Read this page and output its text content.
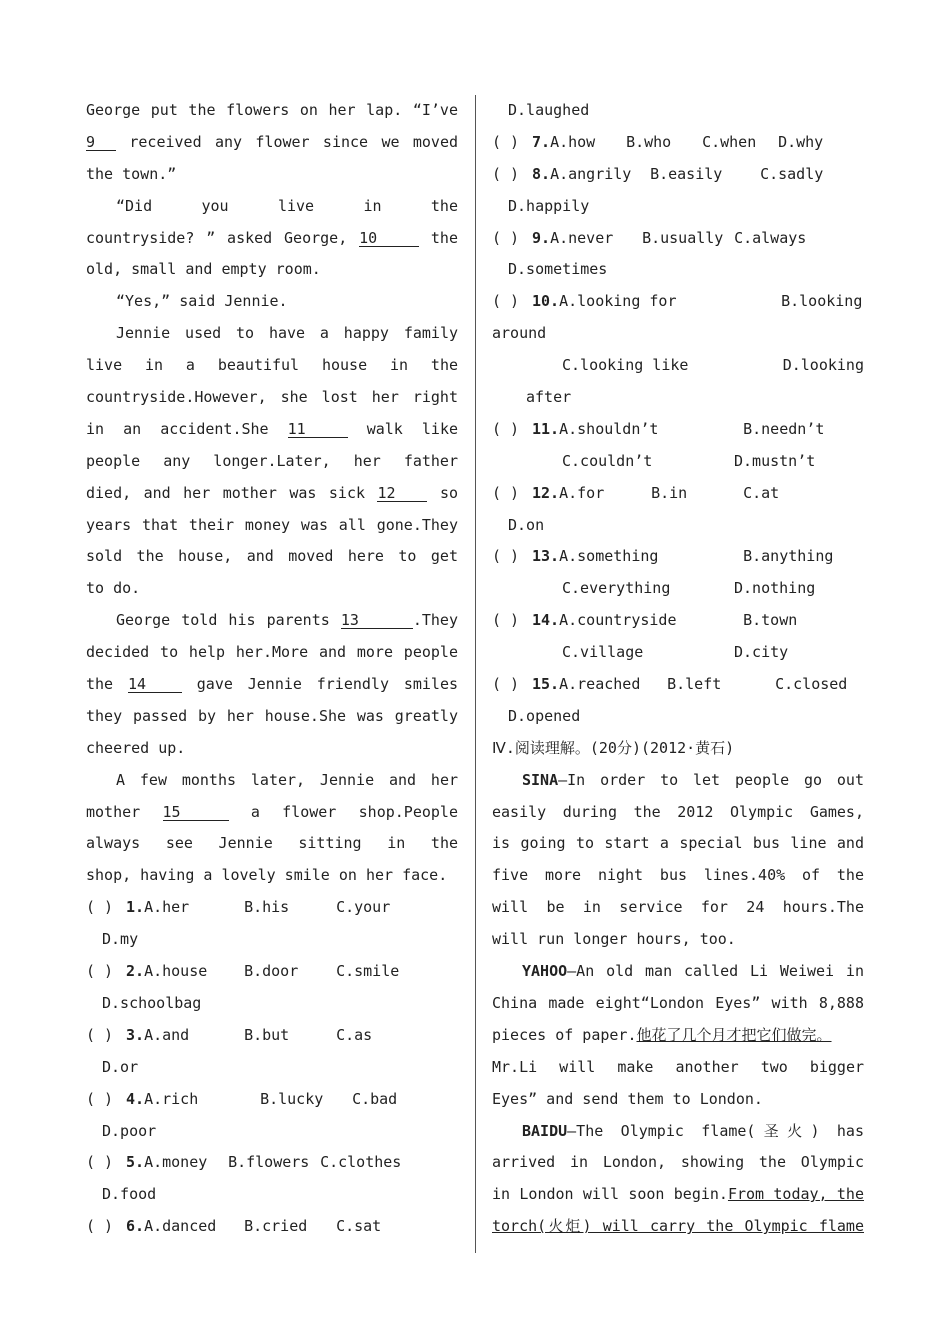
George put the flowers on her lap. “I’ve
9 received any flower since we moved
the town.”
“Did you live in the
countryside? ” asked George, 10	the
old, small and empty room.
“Yes,” said Jennie.
Jennie used to have a happy family
live in a beautiful house in the
countryside.However, she lost her right
in an accident.She 11	walk like
people any longer.Later, her father
died, and her mother was sick 12	so
years that their money was all gone.They
sold the house, and moved here to get
to do.
George told his parents 13	.They
decided to help her.More and more people
the 14	gave Jennie friendly smiles
they passed by her house.She was greatly
cheered up.
A few months later, Jennie and her
mother 15	a flower shop.People
always see Jennie sitting in the
shop, having a lovely smile on her face.
( ) 1. A.her	B.his	C.your
D.my
( ) 2. A.house	B.door	C.smile
D.schoolbag
( ) 3. A.and	B.but	C.as
D.or
( ) 4. A.rich	B.lucky	C.bad
D.poor
( ) 5. A.money	B.flowers C.clothes
D.food
( ) 6. A.danced	B.cried	C.sat
D.laughed
( ) 7. A.how	B.who	C.when	D.why
( ) 8. A.angrily	B.easily	C.sadly
D.happily
( ) 9. A.never	B.usually C.always
D.sometimes
( ) 10. A.looking for	B.looking
around
C.looking like	D.looking
after
( ) 11. A.shouldn’t	B.needn’t
C.couldn’t	D.mustn’t
( ) 12. A.for	B.in	C.at
D.on
( ) 13. A.something	B.anything
C.everything	D.nothing
( ) 14. A.countryside	B.town
C.village	D.city
( ) 15. A.reached	B.left	C.closed
D.opened
Ⅳ.阅读理解。(20分)(2012·黄石)
SINA—In order to let people go out
easily during the 2012 Olympic Games,
is going to start a special bus line and
five more night bus lines.40% of the
will be in service for 24 hours.The
will run longer hours, too.
YAHOO—An old man called Li Weiwei in
China made eight“London Eyes” with 8,888
pieces of paper.他花了几个月才把它们做完。
Mr.Li will make another two bigger
Eyes” and send them to London.
BAIDU—The Olympic flame(圣火) has
arrived in London, showing the Olympic
in London will soon begin.From today, the
torch(火炬) will carry the Olympic flame
